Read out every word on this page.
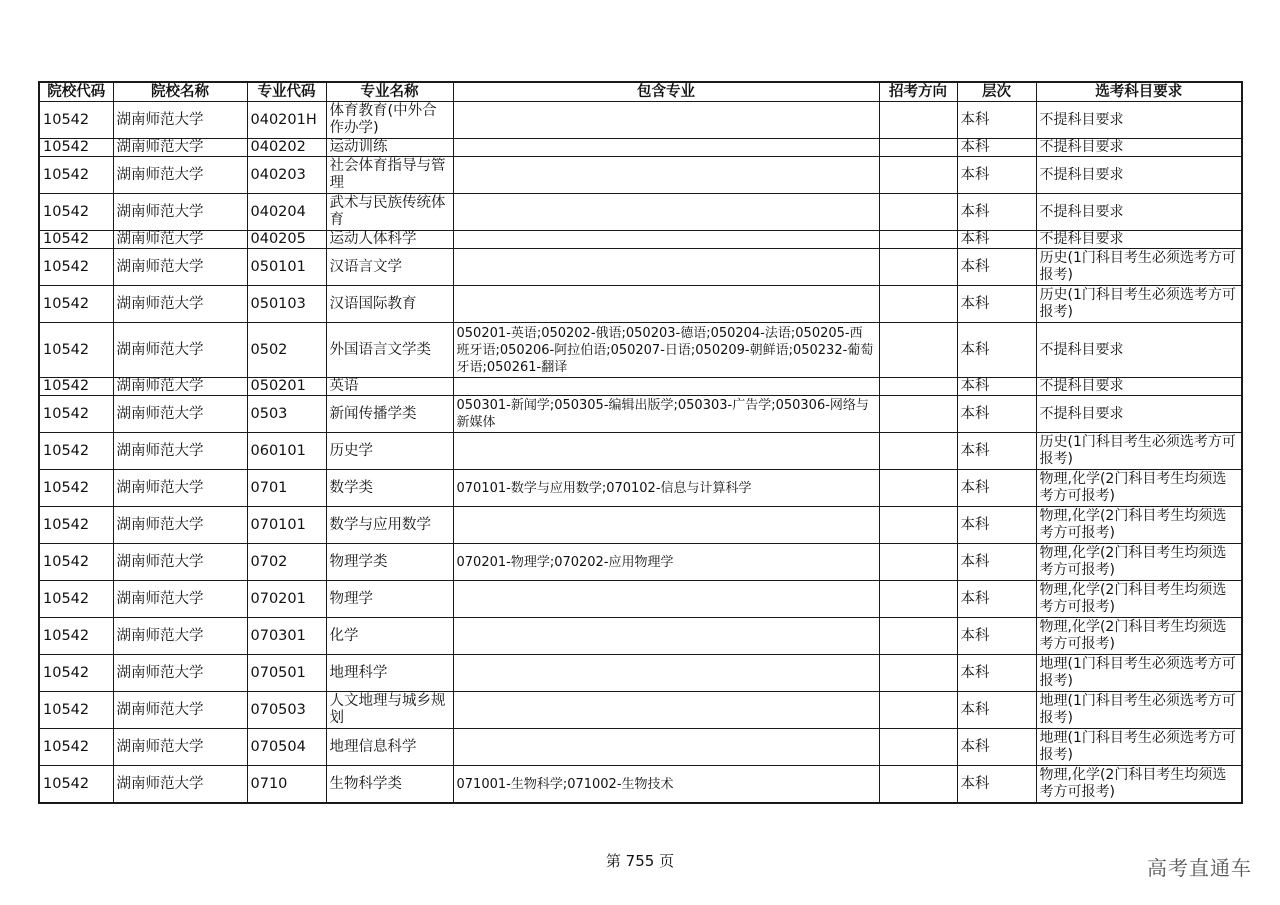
院校代码	院校名称	专业代码	专业名称	包含专业	招考方向	层次	选考科目要求
10542	湖南师范大学	040201H	体育教育(中外合作办学)			本科	不提科目要求
10542	湖南师范大学	040202	运动训练			本科	不提科目要求
10542	湖南师范大学	040203	社会体育指导与管理			本科	不提科目要求
10542	湖南师范大学	040204	武术与民族传统体育			本科	不提科目要求
10542	湖南师范大学	040205	运动人体科学			本科	不提科目要求
10542	湖南师范大学	050101	汉语言文学			本科	历史(1门科目考生必须选考方可报考)
10542	湖南师范大学	050103	汉语国际教育			本科	历史(1门科目考生必须选考方可报考)
10542	湖南师范大学	0502	外国语言文学类	050201-英语;050202-俄语;050203-德语;050204-法语;050205-西班牙语;050206-阿拉伯语;050207-日语;050209-朝鲜语;050232-葡萄牙语;050261-翻译		本科	不提科目要求
10542	湖南师范大学	050201	英语			本科	不提科目要求
10542	湖南师范大学	0503	新闻传播学类	050301-新闻学;050305-编辑出版学;050303-广告学;050306-网络与新媒体		本科	不提科目要求
10542	湖南师范大学	060101	历史学			本科	历史(1门科目考生必须选考方可报考)
10542	湖南师范大学	0701	数学类	070101-数学与应用数学;070102-信息与计算科学		本科	物理,化学(2门科目考生均须选考方可报考)
10542	湖南师范大学	070101	数学与应用数学			本科	物理,化学(2门科目考生均须选考方可报考)
10542	湖南师范大学	0702	物理学类	070201-物理学;070202-应用物理学		本科	物理,化学(2门科目考生均须选考方可报考)
10542	湖南师范大学	070201	物理学			本科	物理,化学(2门科目考生均须选考方可报考)
10542	湖南师范大学	070301	化学			本科	物理,化学(2门科目考生均须选考方可报考)
10542	湖南师范大学	070501	地理科学			本科	地理(1门科目考生必须选考方可报考)
10542	湖南师范大学	070503	人文地理与城乡规划			本科	地理(1门科目考生必须选考方可报考)
10542	湖南师范大学	070504	地理信息科学			本科	地理(1门科目考生必须选考方可报考)
10542	湖南师范大学	0710	生物科学类	071001-生物科学;071002-生物技术		本科	物理,化学(2门科目考生均须选考方可报考)
第 755 页	高考直通车
